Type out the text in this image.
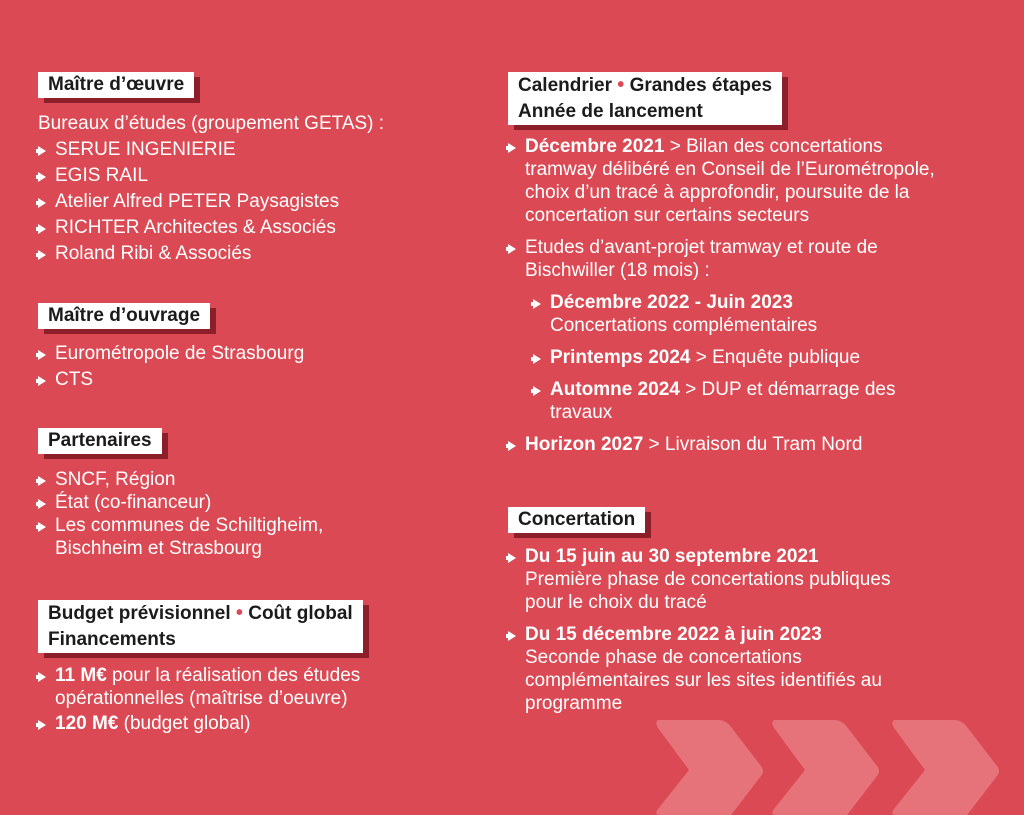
Maître d’œuvre
Bureaux d’études (groupement GETAS) :
SERUE INGENIERIE
EGIS RAIL
Atelier Alfred PETER Paysagistes
RICHTER Architectes & Associés
Roland Ribi & Associés
Maître d’ouvrage
Eurométropole de Strasbourg
CTS
Partenaires
SNCF, Région
État (co-financeur)
Les communes de Schiltigheim,
Bischheim et Strasbourg
Budget prévisionnel • Coût global
Financements
11 M€ pour la réalisation des études
opérationnelles (maîtrise d’oeuvre)
120 M€ (budget global)
Calendrier • Grandes étapes
Année de lancement
Décembre 2021 > Bilan des concertations
tramway délibéré en Conseil de l’Eurométropole,
choix d’un tracé à approfondir, poursuite de la
concertation sur certains secteurs
Etudes d’avant-projet tramway et route de
Bischwiller (18 mois) :
Décembre 2022 - Juin 2023
Concertations complémentaires
Printemps 2024 > Enquête publique
Automne 2024 > DUP et démarrage des
travaux
Horizon 2027 > Livraison du Tram Nord
Concertation
Du 15 juin au 30 septembre 2021
Première phase de concertations publiques
pour le choix du tracé
Du 15 décembre 2022 à juin 2023
Seconde phase de concertations
complémentaires sur les sites identifiés au
programme
